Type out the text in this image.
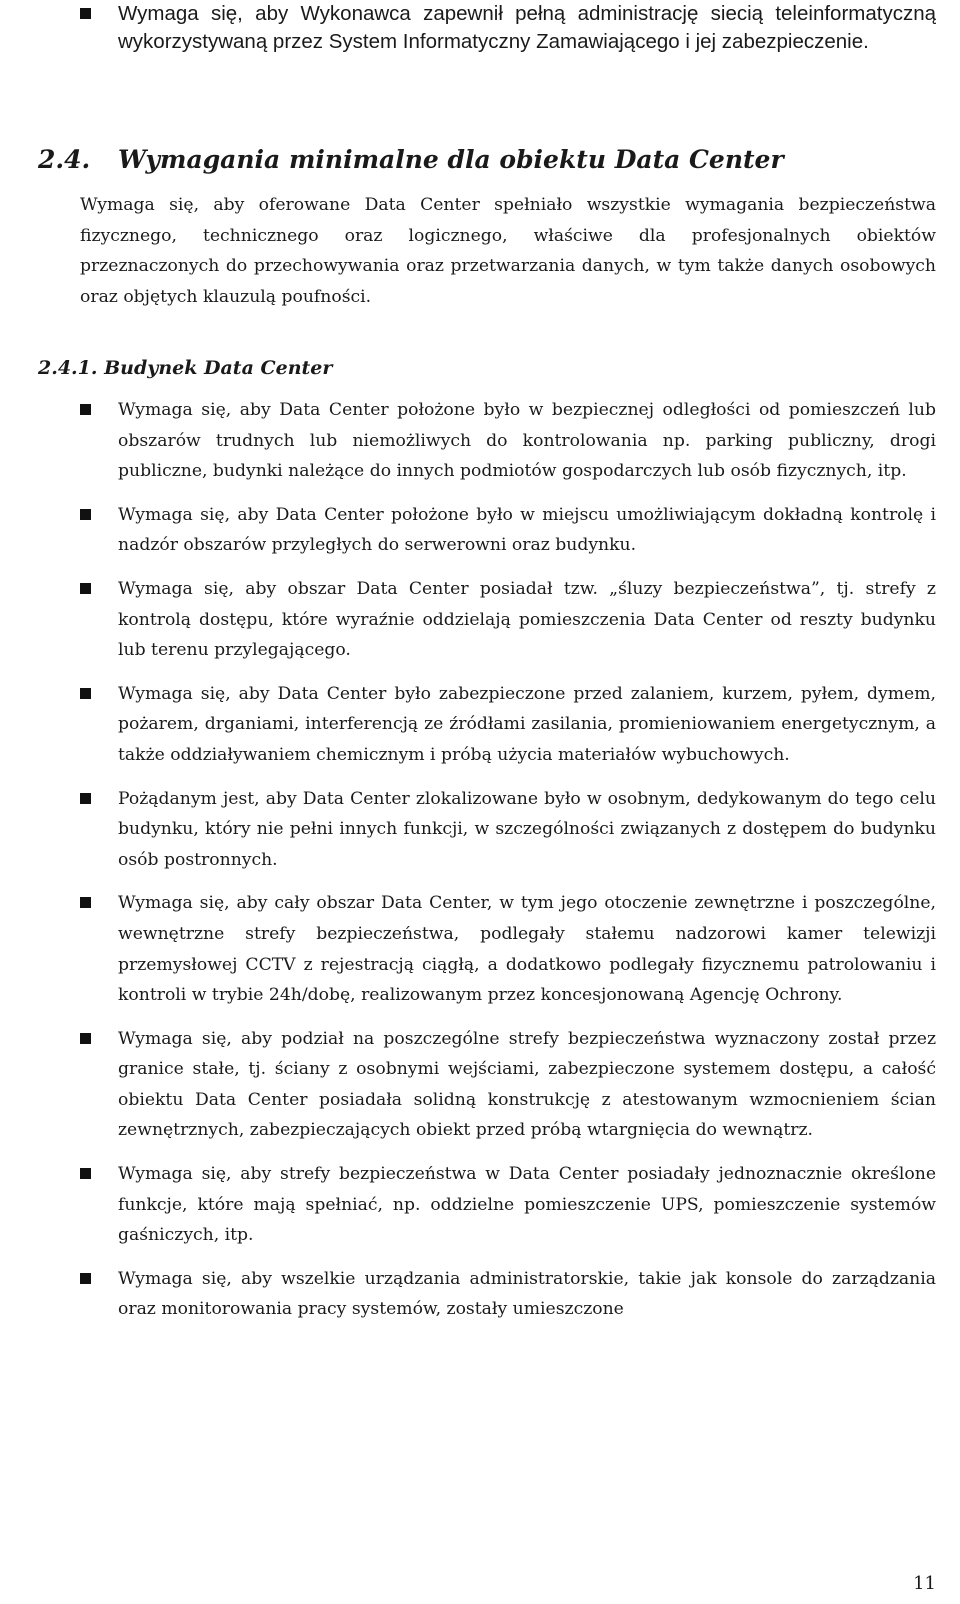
Wymaga się, aby Wykonawca zapewnił pełną administrację siecią teleinformatyczną wykorzystywaną przez System Informatyczny Zamawiającego i jej zabezpieczenie.
2.4. Wymagania minimalne dla obiektu Data Center

Wymaga się, aby oferowane Data Center spełniało wszystkie wymagania bezpieczeństwa fizycznego, technicznego oraz logicznego, właściwe dla profesjonalnych obiektów przeznaczonych do przechowywania oraz przetwarzania danych, w tym także danych osobowych oraz objętych klauzulą poufności.

2.4.1. Budynek Data Center
Wymaga się, aby Data Center położone było w bezpiecznej odległości od pomieszczeń lub obszarów trudnych lub niemożliwych do kontrolowania np. parking publiczny, drogi publiczne, budynki należące do innych podmiotów gospodarczych lub osób fizycznych, itp.
Wymaga się, aby Data Center położone było w miejscu umożliwiającym dokładną kontrolę i nadzór obszarów przyległych do serwerowni oraz budynku.
Wymaga się, aby obszar Data Center posiadał tzw. „śluzy bezpieczeństwa”, tj. strefy z kontrolą dostępu, które wyraźnie oddzielają pomieszczenia Data Center od reszty budynku lub terenu przylegającego.
Wymaga się, aby Data Center było zabezpieczone przed zalaniem, kurzem, pyłem, dymem, pożarem, drganiami, interferencją ze źródłami zasilania, promieniowaniem energetycznym, a także oddziaływaniem chemicznym i próbą użycia materiałów wybuchowych.
Pożądanym jest, aby Data Center zlokalizowane było w osobnym, dedykowanym do tego celu budynku, który nie pełni innych funkcji, w szczególności związanych z dostępem do budynku osób postronnych.
Wymaga się, aby cały obszar Data Center, w tym jego otoczenie zewnętrzne i poszczególne, wewnętrzne strefy bezpieczeństwa, podlegały stałemu nadzorowi kamer telewizji przemysłowej CCTV z rejestracją ciągłą, a dodatkowo podlegały fizycznemu patrolowaniu i kontroli w trybie 24h/dobę, realizowanym przez koncesjonowaną Agencję Ochrony.
Wymaga się, aby podział na poszczególne strefy bezpieczeństwa wyznaczony został przez granice stałe, tj. ściany z osobnymi wejściami, zabezpieczone systemem dostępu, a całość obiektu Data Center posiadała solidną konstrukcję z atestowanym wzmocnieniem ścian zewnętrznych, zabezpieczających obiekt przed próbą wtargnięcia do wewnątrz.
Wymaga się, aby strefy bezpieczeństwa w Data Center posiadały jednoznacznie określone funkcje, które mają spełniać, np. oddzielne pomieszczenie UPS, pomieszczenie systemów gaśniczych, itp.
Wymaga się, aby wszelkie urządzania administratorskie, takie jak konsole do zarządzania oraz monitorowania pracy systemów, zostały umieszczone

11
